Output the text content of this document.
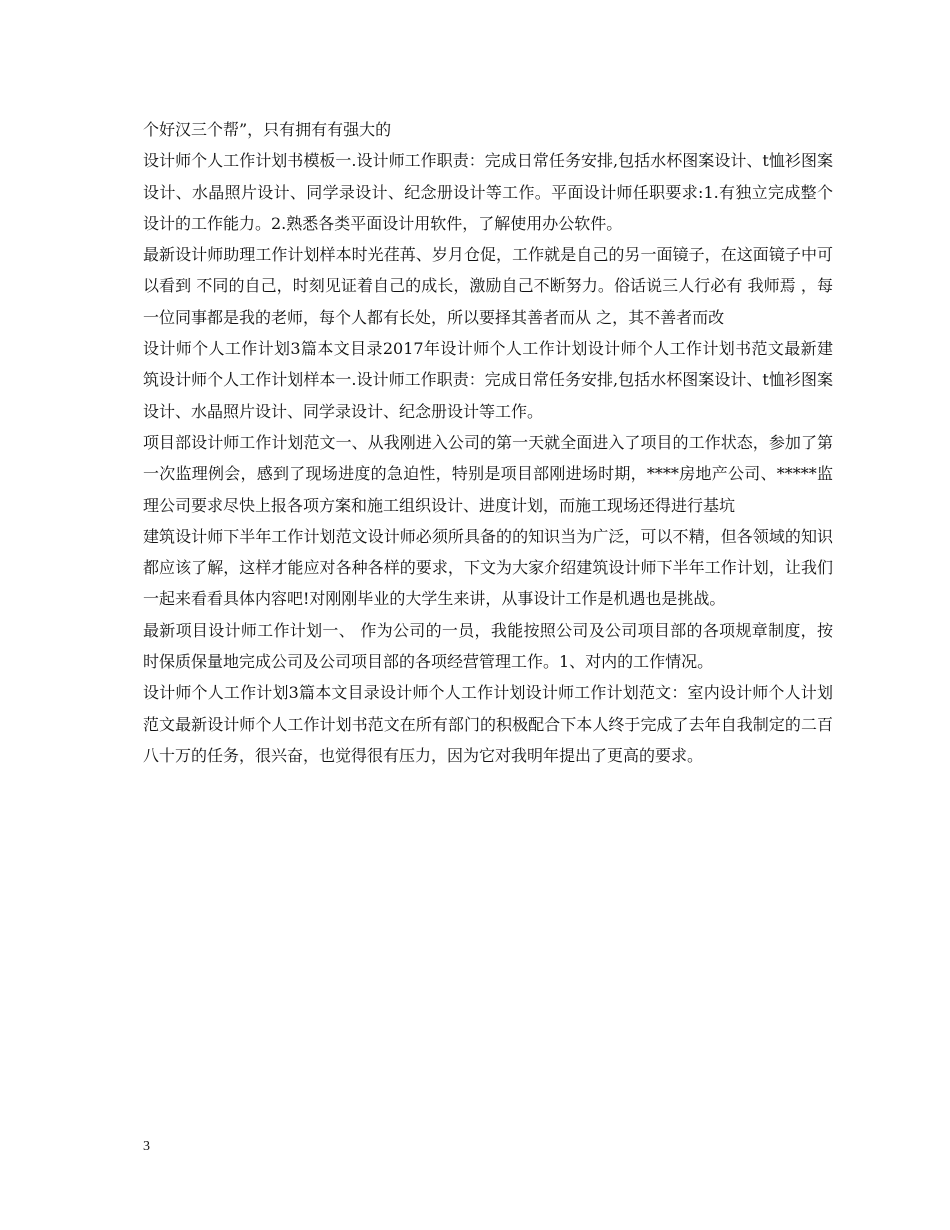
个好汉三个帮”，只有拥有有强大的

设计师个人工作计划书模板一.设计师工作职责：完成日常任务安排,包括水杯图案设计、t恤衫图案设计、水晶照片设计、同学录设计、纪念册设计等工作。平面设计师任职要求:1.有独立完成整个设计的工作能力。2.熟悉各类平面设计用软件，了解使用办公软件。

最新设计师助理工作计划样本时光荏苒、岁月仓促，工作就是自己的另一面镜子，在这面镜子中可以看到 不同的自己，时刻见证着自己的成长，激励自己不断努力。俗话说三人行必有 我师焉 ，每一位同事都是我的老师，每个人都有长处，所以要择其善者而从 之，其不善者而改

设计师个人工作计划3篇本文目录2017年设计师个人工作计划设计师个人工作计划书范文最新建筑设计师个人工作计划样本一.设计师工作职责：完成日常任务安排,包括水杯图案设计、t恤衫图案设计、水晶照片设计、同学录设计、纪念册设计等工作。

项目部设计师工作计划范文一、从我刚进入公司的第一天就全面进入了项目的工作状态，参加了第一次监理例会，感到了现场进度的急迫性，特别是项目部刚进场时期，****房地产公司、*****监理公司要求尽快上报各项方案和施工组织设计、进度计划，而施工现场还得进行基坑

建筑设计师下半年工作计划范文设计师必须所具备的的知识当为广泛，可以不精，但各领域的知识都应该了解，这样才能应对各种各样的要求，下文为大家介绍建筑设计师下半年工作计划，让我们一起来看看具体内容吧!对刚刚毕业的大学生来讲，从事设计工作是机遇也是挑战。

最新项目设计师工作计划一、 作为公司的一员，我能按照公司及公司项目部的各项规章制度，按时保质保量地完成公司及公司项目部的各项经营管理工作。1、对内的工作情况。

设计师个人工作计划3篇本文目录设计师个人工作计划设计师工作计划范文：室内设计师个人计划范文最新设计师个人工作计划书范文在所有部门的积极配合下本人终于完成了去年自我制定的二百八十万的任务，很兴奋，也觉得很有压力，因为它对我明年提出了更高的要求。

3
